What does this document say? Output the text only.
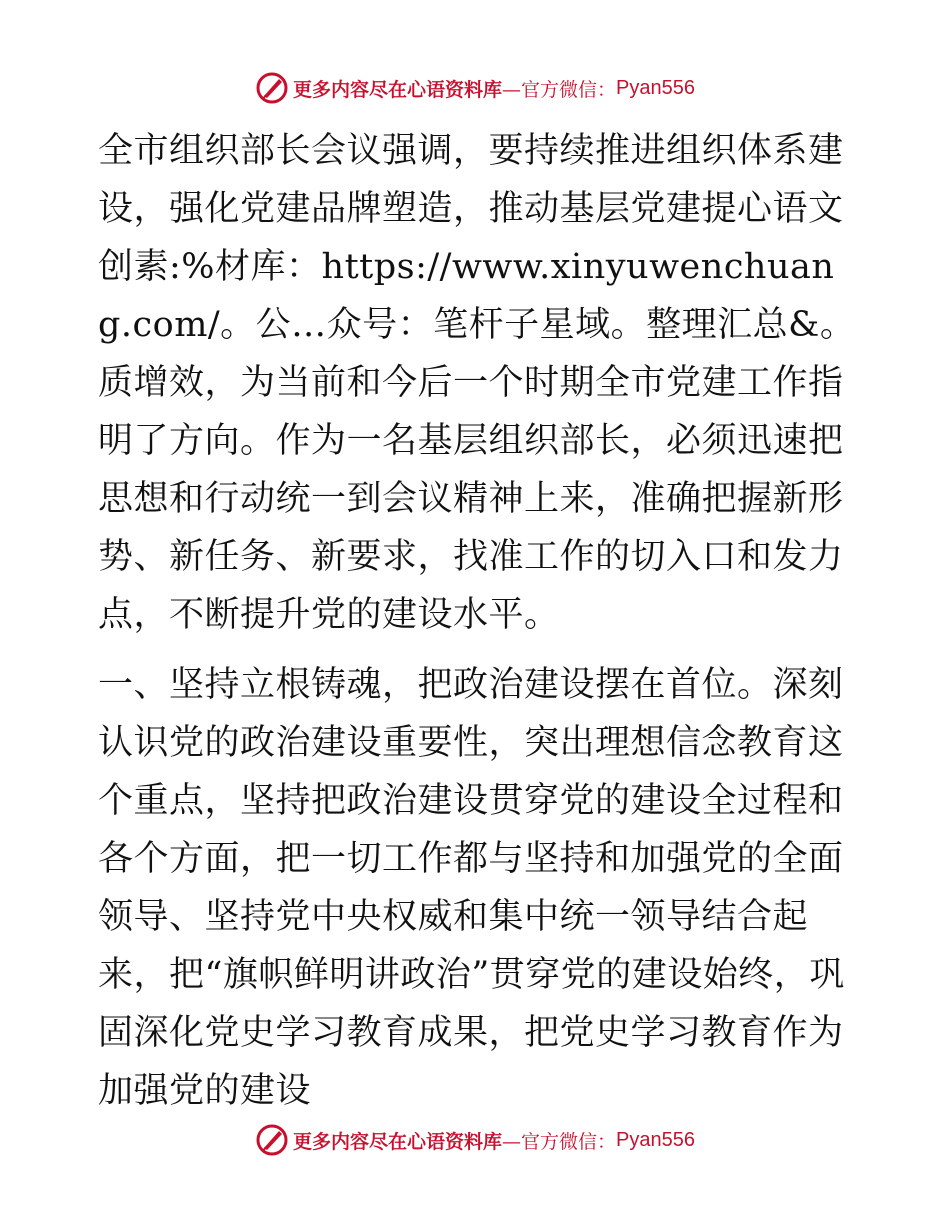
更多内容尽在心语资料库 —官方微信： Pyan556

全市组织部长会议强调，要持续推进组织体系建设，强化党建品牌塑造，推动基层党建提心语文创素:%材库：https://www.xinyuwenchuang.com/。公…众号：笔杆子星域。整理汇总&。质增效，为当前和今后一个时期全市党建工作指明了方向。作为一名基层组织部长，必须迅速把思想和行动统一到会议精神上来，准确把握新形势、新任务、新要求，找准工作的切入口和发力点，不断提升党的建设水平。

一、坚持立根铸魂，把政治建设摆在首位。深刻认识党的政治建设重要性，突出理想信念教育这个重点，坚持把政治建设贯穿党的建设全过程和各个方面，把一切工作都与坚持和加强党的全面领导、坚持党中央权威和集中统一领导结合起来，把“旗帜鲜明讲政治”贯穿党的建设始终，巩固深化党史学习教育成果，把党史学习教育作为加强党的建设

更多内容尽在心语资料库 —官方微信： Pyan556
